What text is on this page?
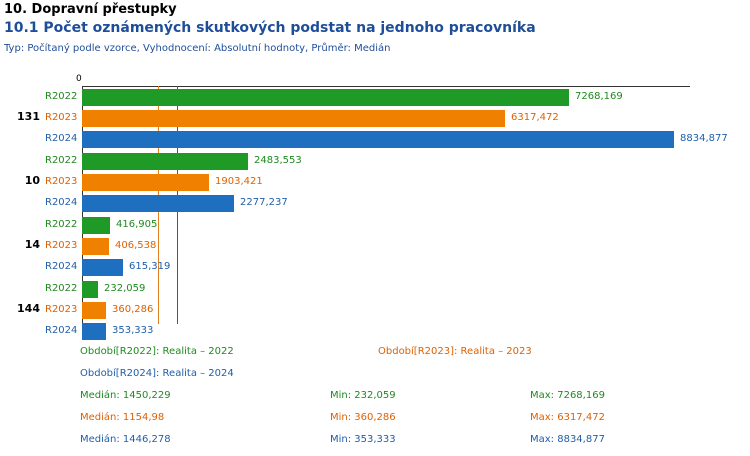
10. Dopravní přestupky
10.1 Počet oznámených skutkových podstat na jednoho pracovníka
Typ: Počítaný podle vzorce, Vyhodnocení: Absolutní hodnoty, Průměr: Medián
0
131
R2022	7268,169
R2023	6317,472
R2024	8834,877
10
R2022	2483,553
R2023	1903,421
R2024	2277,237
14
R2022	416,905
R2023	406,538
R2024	615,319
144
R2022	232,059
R2023	360,286
R2024	353,333
Období[R2022]: Realita – 2022	Období[R2023]: Realita – 2023
Období[R2024]: Realita – 2024
Medián: 1450,229	Min: 232,059	Max: 7268,169
Medián: 1154,98	Min: 360,286	Max: 6317,472
Medián: 1446,278	Min: 353,333	Max: 8834,877
